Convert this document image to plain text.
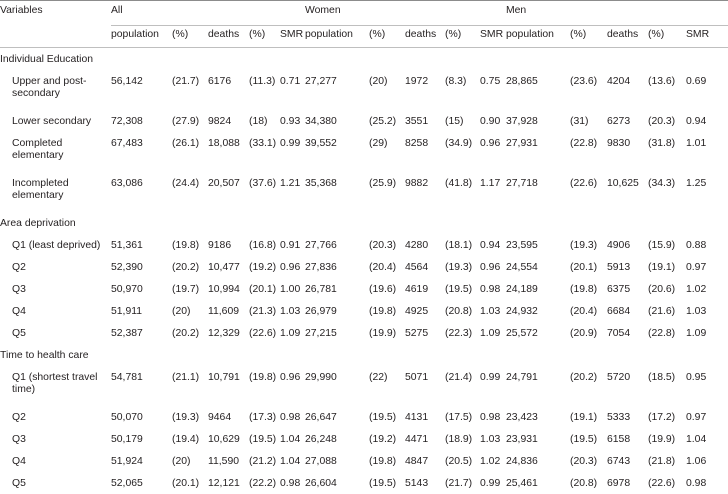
Variables	All					Women					Men				
	population	(%)	deaths	(%)	SMR	population	(%)	deaths	(%)	SMR	population	(%)	deaths	(%)	SMR
Individual Education															
Upper and post-secondary	56,142	(21.7)	6176	(11.3)	0.71	27,277	(20)	1972	(8.3)	0.75	28,865	(23.6)	4204	(13.6)	0.69
Lower secondary	72,308	(27.9)	9824	(18)	0.93	34,380	(25.2)	3551	(15)	0.90	37,928	(31)	6273	(20.3)	0.94
Completed elementary	67,483	(26.1)	18,088	(33.1)	0.99	39,552	(29)	8258	(34.9)	0.96	27,931	(22.8)	9830	(31.8)	1.01
Incompleted elementary	63,086	(24.4)	20,507	(37.6)	1.21	35,368	(25.9)	9882	(41.8)	1.17	27,718	(22.6)	10,625	(34.3)	1.25
Area deprivation															
Q1 (least deprived)	51,361	(19.8)	9186	(16.8)	0.91	27,766	(20.3)	4280	(18.1)	0.94	23,595	(19.3)	4906	(15.9)	0.88
Q2	52,390	(20.2)	10,477	(19.2)	0.96	27,836	(20.4)	4564	(19.3)	0.96	24,554	(20.1)	5913	(19.1)	0.97
Q3	50,970	(19.7)	10,994	(20.1)	1.00	26,781	(19.6)	4619	(19.5)	0.98	24,189	(19.8)	6375	(20.6)	1.02
Q4	51,911	(20)	11,609	(21.3)	1.03	26,979	(19.8)	4925	(20.8)	1.03	24,932	(20.4)	6684	(21.6)	1.03
Q5	52,387	(20.2)	12,329	(22.6)	1.09	27,215	(19.9)	5275	(22.3)	1.09	25,572	(20.9)	7054	(22.8)	1.09
Time to health care															
Q1 (shortest travel time)	54,781	(21.1)	10,791	(19.8)	0.96	29,990	(22)	5071	(21.4)	0.99	24,791	(20.2)	5720	(18.5)	0.95
Q2	50,070	(19.3)	9464	(17.3)	0.98	26,647	(19.5)	4131	(17.5)	0.98	23,423	(19.1)	5333	(17.2)	0.97
Q3	50,179	(19.4)	10,629	(19.5)	1.04	26,248	(19.2)	4471	(18.9)	1.03	23,931	(19.5)	6158	(19.9)	1.04
Q4	51,924	(20)	11,590	(21.2)	1.04	27,088	(19.8)	4847	(20.5)	1.02	24,836	(20.3)	6743	(21.8)	1.06
Q5	52,065	(20.1)	12,121	(22.2)	0.98	26,604	(19.5)	5143	(21.7)	0.99	25,461	(20.8)	6978	(22.6)	0.98
